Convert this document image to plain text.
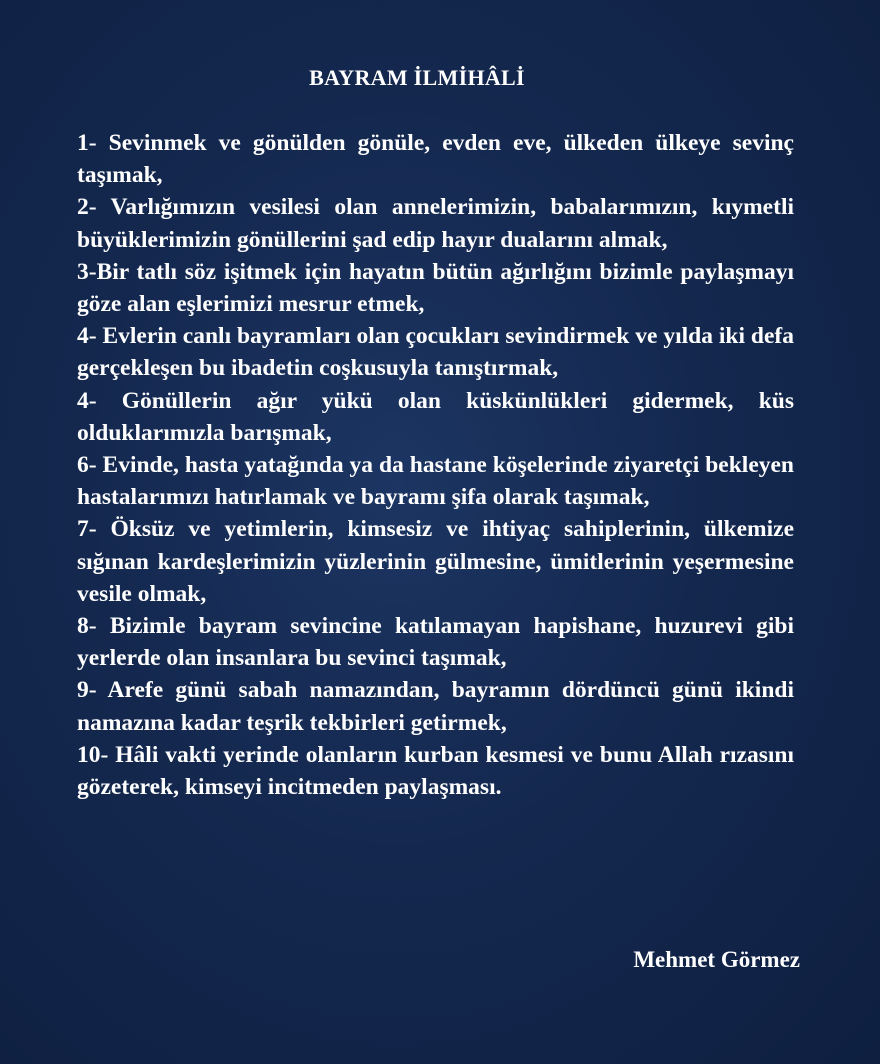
BAYRAM İLMİHÂLİ

1- Sevinmek ve gönülden gönüle, evden eve, ülkeden ülkeye sevinç taşımak,

2- Varlığımızın vesilesi olan annelerimizin, babalarımızın, kıymetli büyüklerimizin gönüllerini şad edip hayır dualarını almak,

3-Bir tatlı söz işitmek için hayatın bütün ağırlığını bizimle paylaşmayı göze alan eşlerimizi mesrur etmek,

4- Evlerin canlı bayramları olan çocukları sevindirmek ve yılda iki defa gerçekleşen bu ibadetin coşkusuyla tanıştırmak,

4- Gönüllerin ağır yükü olan küskünlükleri gidermek, küs olduklarımızla barışmak,

6- Evinde, hasta yatağında ya da hastane köşelerinde ziyaretçi bekleyen hastalarımızı hatırlamak ve bayramı şifa olarak taşımak,

7- Öksüz ve yetimlerin, kimsesiz ve ihtiyaç sahiplerinin, ülkemize sığınan kardeşlerimizin yüzlerinin gülmesine, ümitlerinin yeşermesine vesile olmak,

8- Bizimle bayram sevincine katılamayan hapishane, huzurevi gibi yerlerde olan insanlara bu sevinci taşımak,

9- Arefe günü sabah namazından, bayramın dördüncü günü ikindi namazına kadar teşrik tekbirleri getirmek,

10- Hâli vakti yerinde olanların kurban kesmesi ve bunu Allah rızasını gözeterek, kimseyi incitmeden paylaşması.

Mehmet Görmez
